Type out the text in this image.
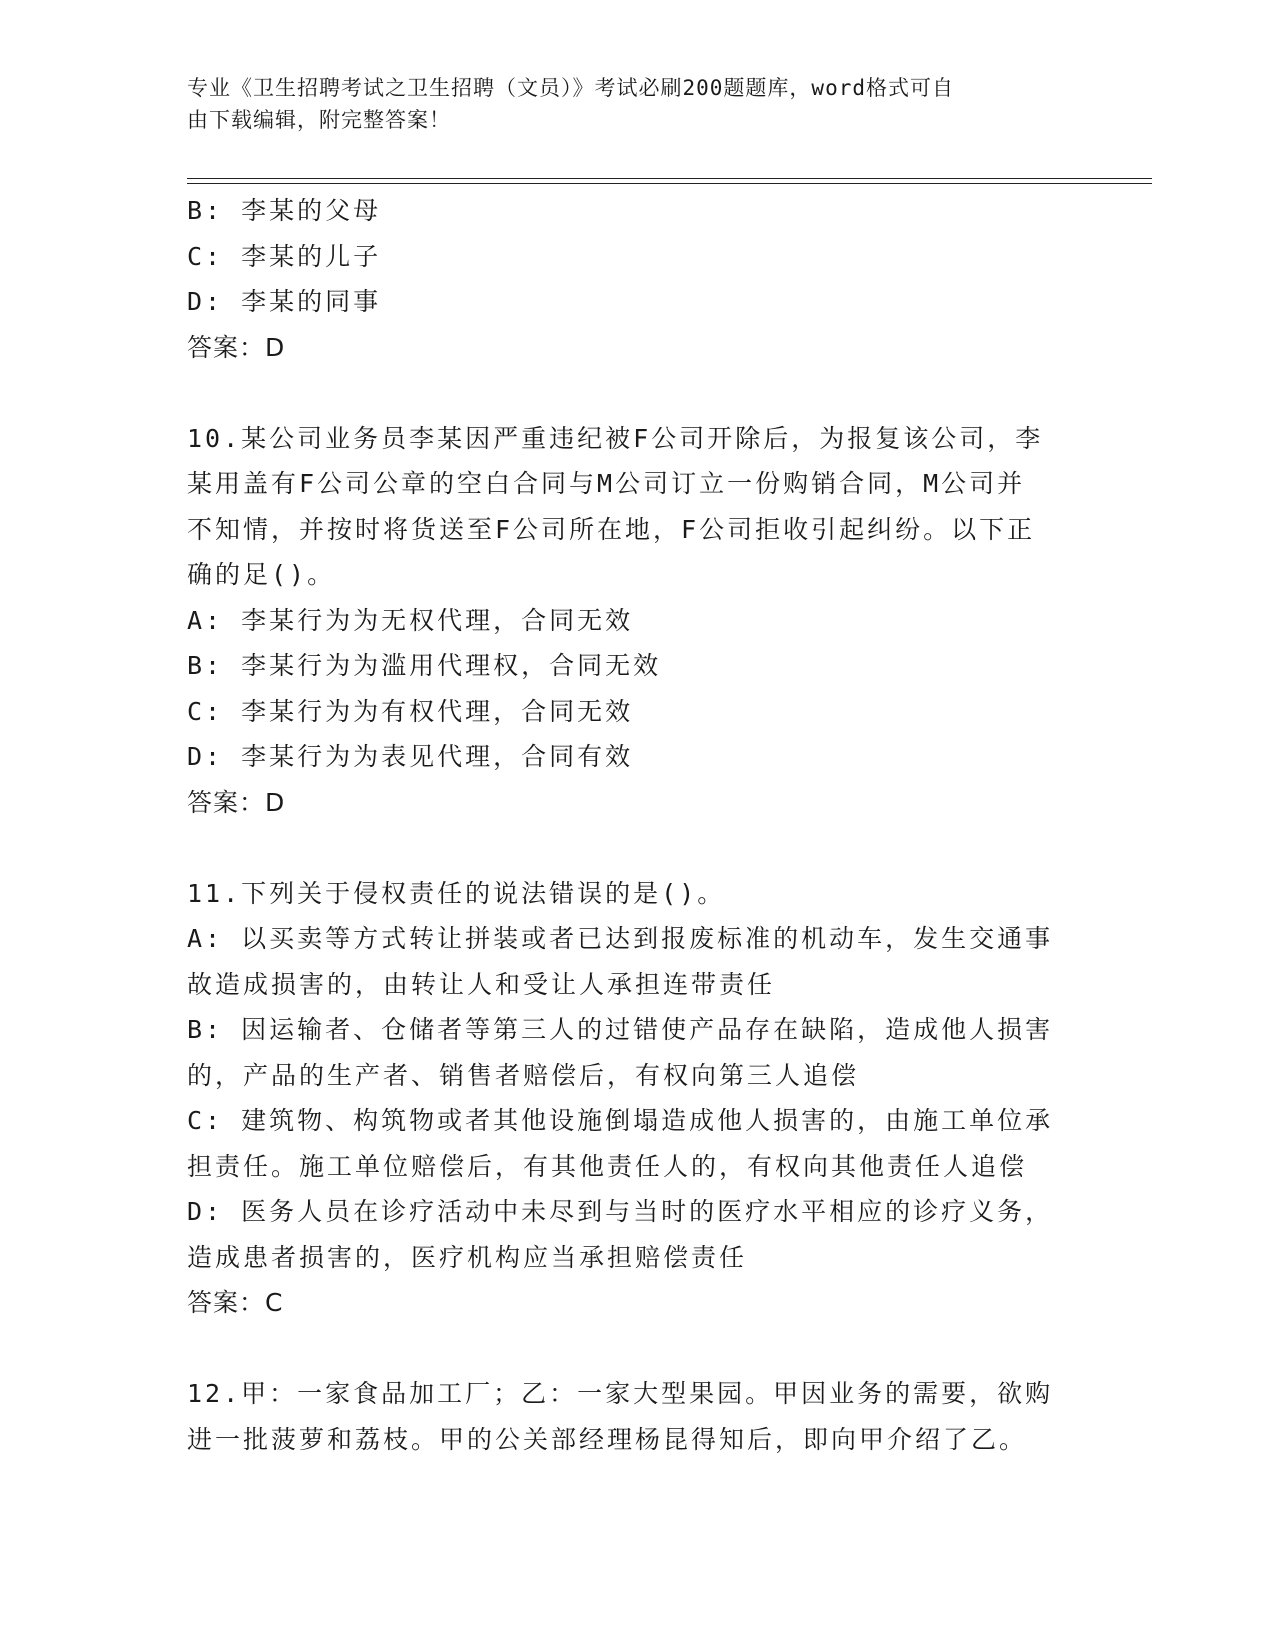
专业《卫生招聘考试之卫生招聘（文员）》考试必刷200题题库，word格式可自
由下载编辑，附完整答案！
B: 李某的父母
C: 李某的儿子
D: 李某的同事
答案：D
10.某公司业务员李某因严重违纪被F公司开除后，为报复该公司，李
某用盖有F公司公章的空白合同与M公司订立一份购销合同，M公司并
不知情，并按时将货送至F公司所在地，F公司拒收引起纠纷。以下正
确的足()。
A: 李某行为为无权代理，合同无效
B: 李某行为为滥用代理权，合同无效
C: 李某行为为有权代理，合同无效
D: 李某行为为表见代理，合同有效
答案：D
11.下列关于侵权责任的说法错误的是()。
A: 以买卖等方式转让拼装或者已达到报废标准的机动车，发生交通事
故造成损害的，由转让人和受让人承担连带责任
B: 因运输者、仓储者等第三人的过错使产品存在缺陷，造成他人损害
的，产品的生产者、销售者赔偿后，有权向第三人追偿
C: 建筑物、构筑物或者其他设施倒塌造成他人损害的，由施工单位承
担责任。施工单位赔偿后，有其他责任人的，有权向其他责任人追偿
D: 医务人员在诊疗活动中未尽到与当时的医疗水平相应的诊疗义务，
造成患者损害的，医疗机构应当承担赔偿责任
答案：C
12.甲：一家食品加工厂；乙：一家大型果园。甲因业务的需要，欲购
进一批菠萝和荔枝。甲的公关部经理杨昆得知后，即向甲介绍了乙。
